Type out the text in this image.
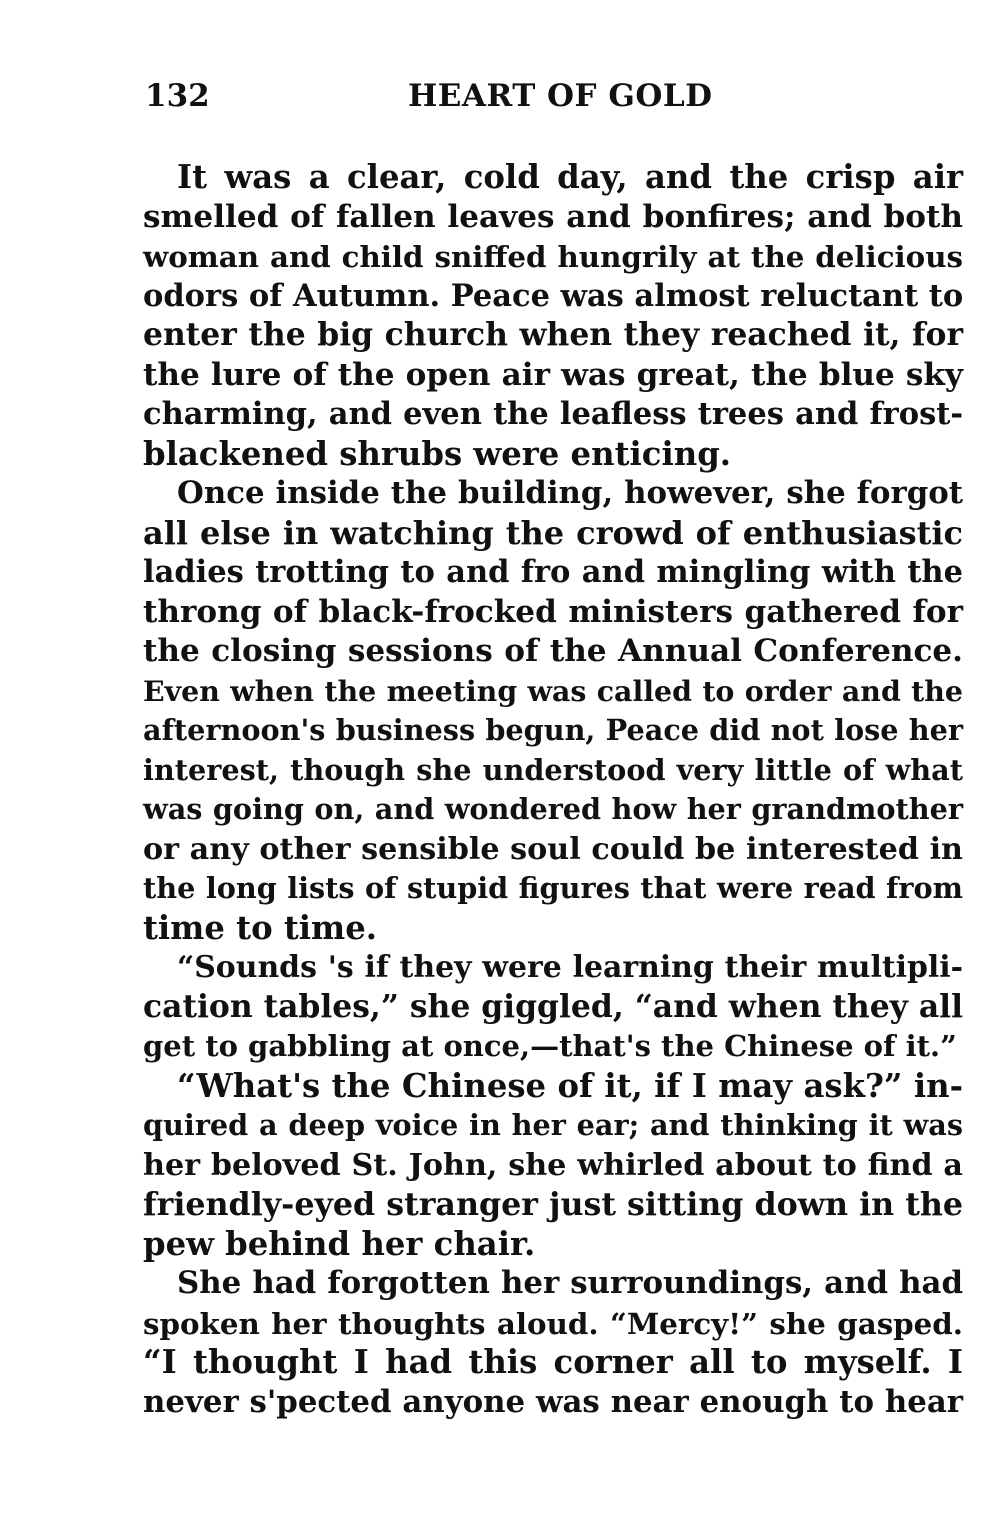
132	HEART OF GOLD
It was a clear, cold day, and the crisp air
smelled of fallen leaves and bonfires; and both
woman and child sniffed hungrily at the delicious
odors of Autumn. Peace was almost reluctant to
enter the big church when they reached it, for
the lure of the open air was great, the blue sky
charming, and even the leafless trees and frost-
blackened shrubs were enticing.
Once inside the building, however, she forgot
all else in watching the crowd of enthusiastic
ladies trotting to and fro and mingling with the
throng of black-frocked ministers gathered for
the closing sessions of the Annual Conference.
Even when the meeting was called to order and the
afternoon's business begun, Peace did not lose her
interest, though she understood very little of what
was going on, and wondered how her grandmother
or any other sensible soul could be interested in
the long lists of stupid figures that were read from
time to time.
“Sounds 's if they were learning their multipli-
cation tables,” she giggled, “and when they all
get to gabbling at once,—that's the Chinese of it.”
“What's the Chinese of it, if I may ask?” in-
quired a deep voice in her ear; and thinking it was
her beloved St. John, she whirled about to find a
friendly-eyed stranger just sitting down in the
pew behind her chair.
She had forgotten her surroundings, and had
spoken her thoughts aloud. “Mercy!” she gasped.
“I thought I had this corner all to myself. I
never s'pected anyone was near enough to hear
